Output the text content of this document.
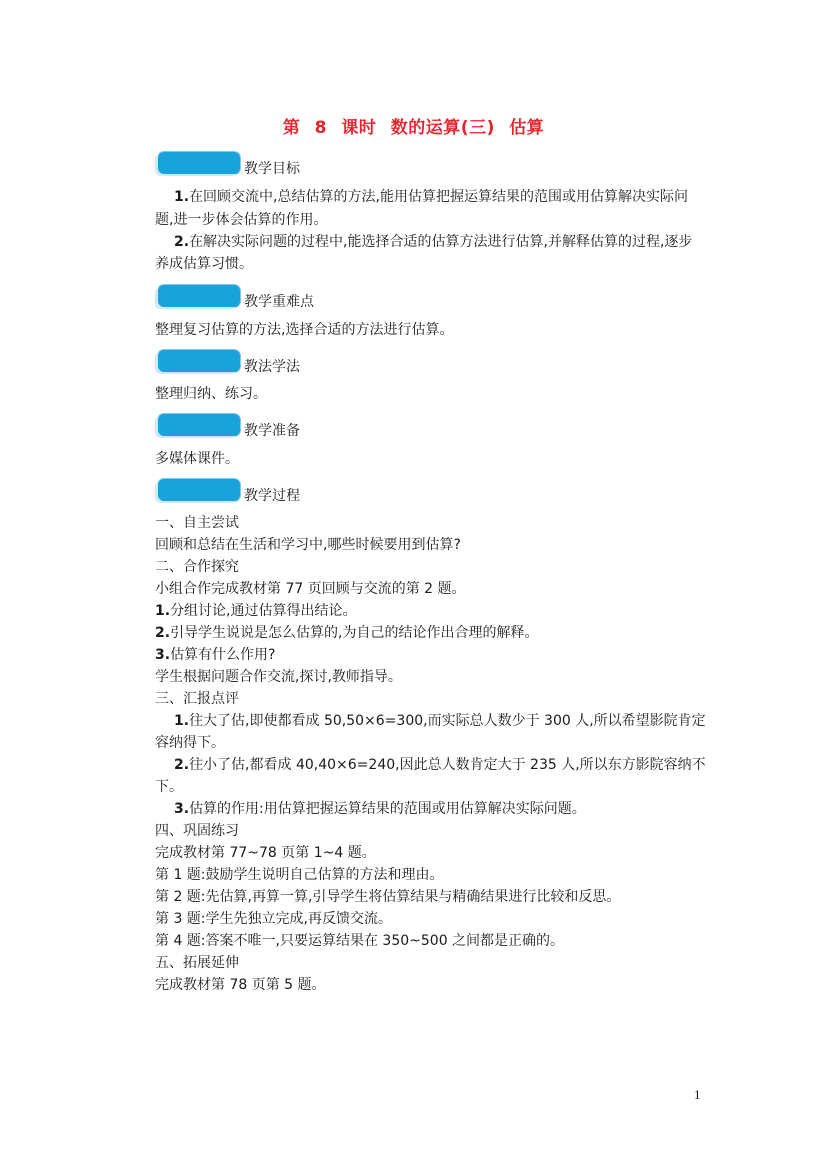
第 8 课时 数的运算(三) 估算
教学目标
1.在回顾交流中,总结估算的方法,能用估算把握运算结果的范围或用估算解决实际问
题,进一步体会估算的作用。
2.在解决实际问题的过程中,能选择合适的估算方法进行估算,并解释估算的过程,逐步
养成估算习惯。
教学重难点
整理复习估算的方法,选择合适的方法进行估算。
教法学法
整理归纳、练习。
教学准备
多媒体课件。
教学过程
一、自主尝试
回顾和总结在生活和学习中,哪些时候要用到估算?
二、合作探究
小组合作完成教材第 77 页回顾与交流的第 2 题。
1.分组讨论,通过估算得出结论。
2.引导学生说说是怎么估算的,为自己的结论作出合理的解释。
3.估算有什么作用?
学生根据问题合作交流,探讨,教师指导。
三、汇报点评
1.往大了估,即使都看成 50,50×6=300,而实际总人数少于 300 人,所以希望影院肯定
容纳得下。
2.往小了估,都看成 40,40×6=240,因此总人数肯定大于 235 人,所以东方影院容纳不
下。
3.估算的作用:用估算把握运算结果的范围或用估算解决实际问题。
四、巩固练习
完成教材第 77~78 页第 1~4 题。
第 1 题:鼓励学生说明自己估算的方法和理由。
第 2 题:先估算,再算一算,引导学生将估算结果与精确结果进行比较和反思。
第 3 题:学生先独立完成,再反馈交流。
第 4 题:答案不唯一,只要运算结果在 350~500 之间都是正确的。
五、拓展延伸
完成教材第 78 页第 5 题。
1
